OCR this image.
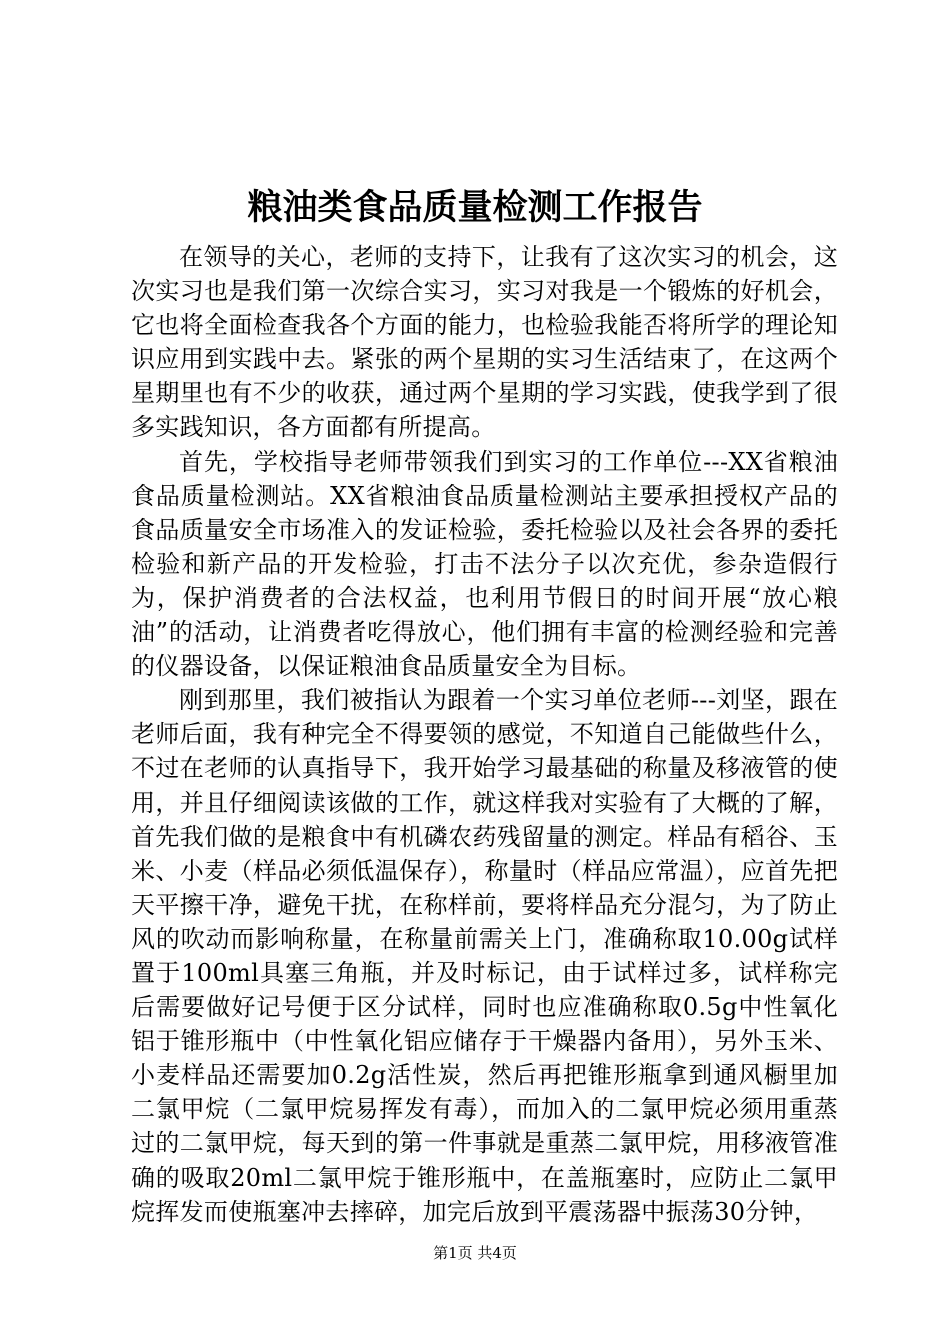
粮油类食品质量检测工作报告

在领导的关心，老师的支持下，让我有了这次实习的机会，这次实习也是我们第一次综合实习，实习对我是一个锻炼的好机会，它也将全面检查我各个方面的能力，也检验我能否将所学的理论知识应用到实践中去。紧张的两个星期的实习生活结束了，在这两个星期里也有不少的收获，通过两个星期的学习实践，使我学到了很多实践知识，各方面都有所提高。

首先，学校指导老师带领我们到实习的工作单位---XX省粮油食品质量检测站。XX省粮油食品质量检测站主要承担授权产品的食品质量安全市场准入的发证检验，委托检验以及社会各界的委托检验和新产品的开发检验，打击不法分子以次充优，参杂造假行为，保护消费者的合法权益，也利用节假日的时间开展“放心粮油”的活动，让消费者吃得放心，他们拥有丰富的检测经验和完善的仪器设备，以保证粮油食品质量安全为目标。

刚到那里，我们被指认为跟着一个实习单位老师---刘坚，跟在老师后面，我有种完全不得要领的感觉，不知道自己能做些什么，不过在老师的认真指导下，我开始学习最基础的称量及移液管的使用，并且仔细阅读该做的工作，就这样我对实验有了大概的了解，首先我们做的是粮食中有机磷农药残留量的测定。样品有稻谷、玉米、小麦（样品必须低温保存），称量时（样品应常温），应首先把天平擦干净，避免干扰，在称样前，要将样品充分混匀，为了防止风的吹动而影响称量，在称量前需关上门，准确称取10.00g试样置于100ml具塞三角瓶，并及时标记，由于试样过多，试样称完后需要做好记号便于区分试样，同时也应准确称取0.5g中性氧化铝于锥形瓶中（中性氧化铝应储存于干燥器内备用），另外玉米、小麦样品还需要加0.2g活性炭，然后再把锥形瓶拿到通风橱里加二氯甲烷（二氯甲烷易挥发有毒），而加入的二氯甲烷必须用重蒸过的二氯甲烷，每天到的第一件事就是重蒸二氯甲烷，用移液管准确的吸取20ml二氯甲烷于锥形瓶中，在盖瓶塞时，应防止二氯甲烷挥发而使瓶塞冲去摔碎，加完后放到平震荡器中振荡30分钟，

第1页 共4页
